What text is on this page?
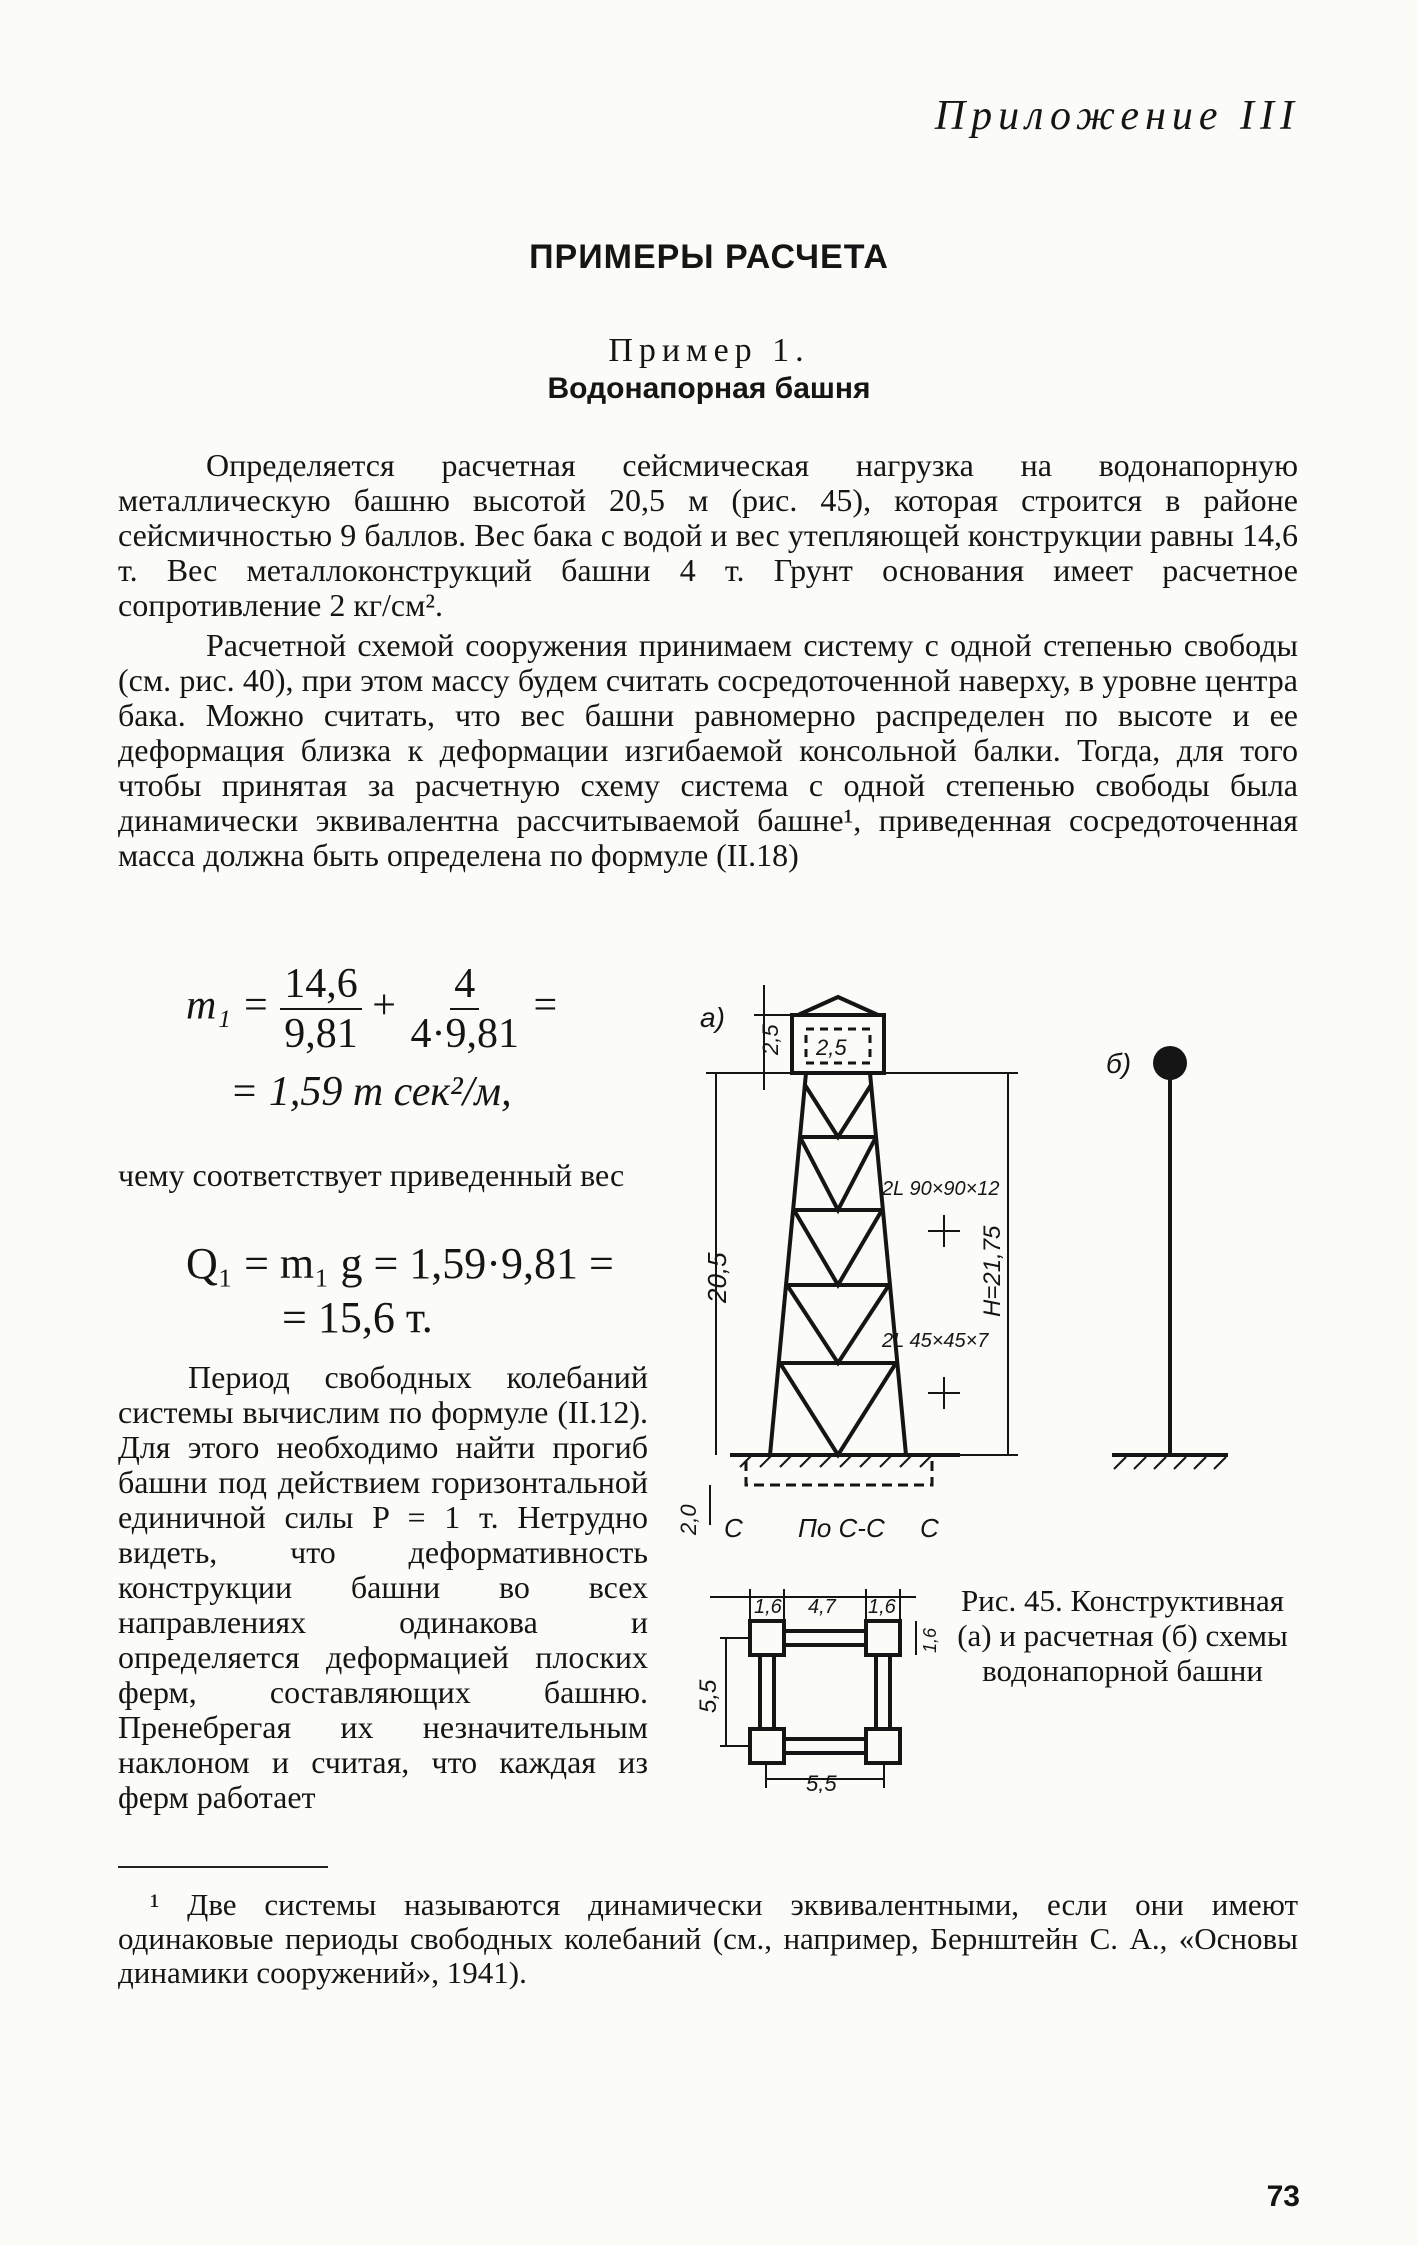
Приложение III
ПРИМЕРЫ РАСЧЕТА
Пример 1.
Водонапорная башня
Определяется расчетная сейсмическая нагрузка на водонапорную металлическую башню высотой 20,5 м (рис. 45), которая строится в районе сейсмичностью 9 баллов. Вес бака с водой и вес утепляющей конструкции равны 14,6 т. Вес металлоконструкций башни 4 т. Грунт основания имеет расчетное сопротивление 2 кг/см².
Расчетной схемой сооружения принимаем систему с одной степенью свободы (см. рис. 40), при этом массу будем считать сосредоточенной наверху, в уровне центра бака. Можно считать, что вес башни равномерно распределен по высоте и ее деформация близка к деформации изгибаемой консольной балки. Тогда, для того чтобы принятая за расчетную схему система с одной степенью свободы была динамически эквивалентна рассчитываемой башне¹, приведенная сосредоточенная масса должна быть определена по формуле (II.18)
$m_1 = \frac{14,6}{9,81} + \frac{4}{4\cdot 9,81}$ =
= 1,59 т сек²/м,
чему соответствует приведенный вес
Q₁ = m₁ g = 1,59·9,81 =
= 15,6 т.
Период свободных колебаний системы вычислим по формуле (II.12). Для этого необходимо найти прогиб башни под действием горизонтальной единичной силы P = 1 т. Нетрудно видеть, что деформативность конструкции башни во всех направлениях одинакова и определяется деформацией плоских ферм, составляющих башню. Пренебрегая их незначительным наклоном и считая, что каждая из ферм работает
а)
2,5 2,5
20,5	H=21,75
2L 90×90×12
2L 45×45×7
2,0 C По С-С C
1,6 4,7 1,6
1,6
5,5
5,5
б)
Рис. 45. Конструктивная (а) и расчетная (б) схемы водонапорной башни
¹ Две системы называются динамически эквивалентными, если они имеют одинаковые периоды свободных колебаний (см., например, Бернштейн С. А., «Основы динамики сооружений», 1941).
73
